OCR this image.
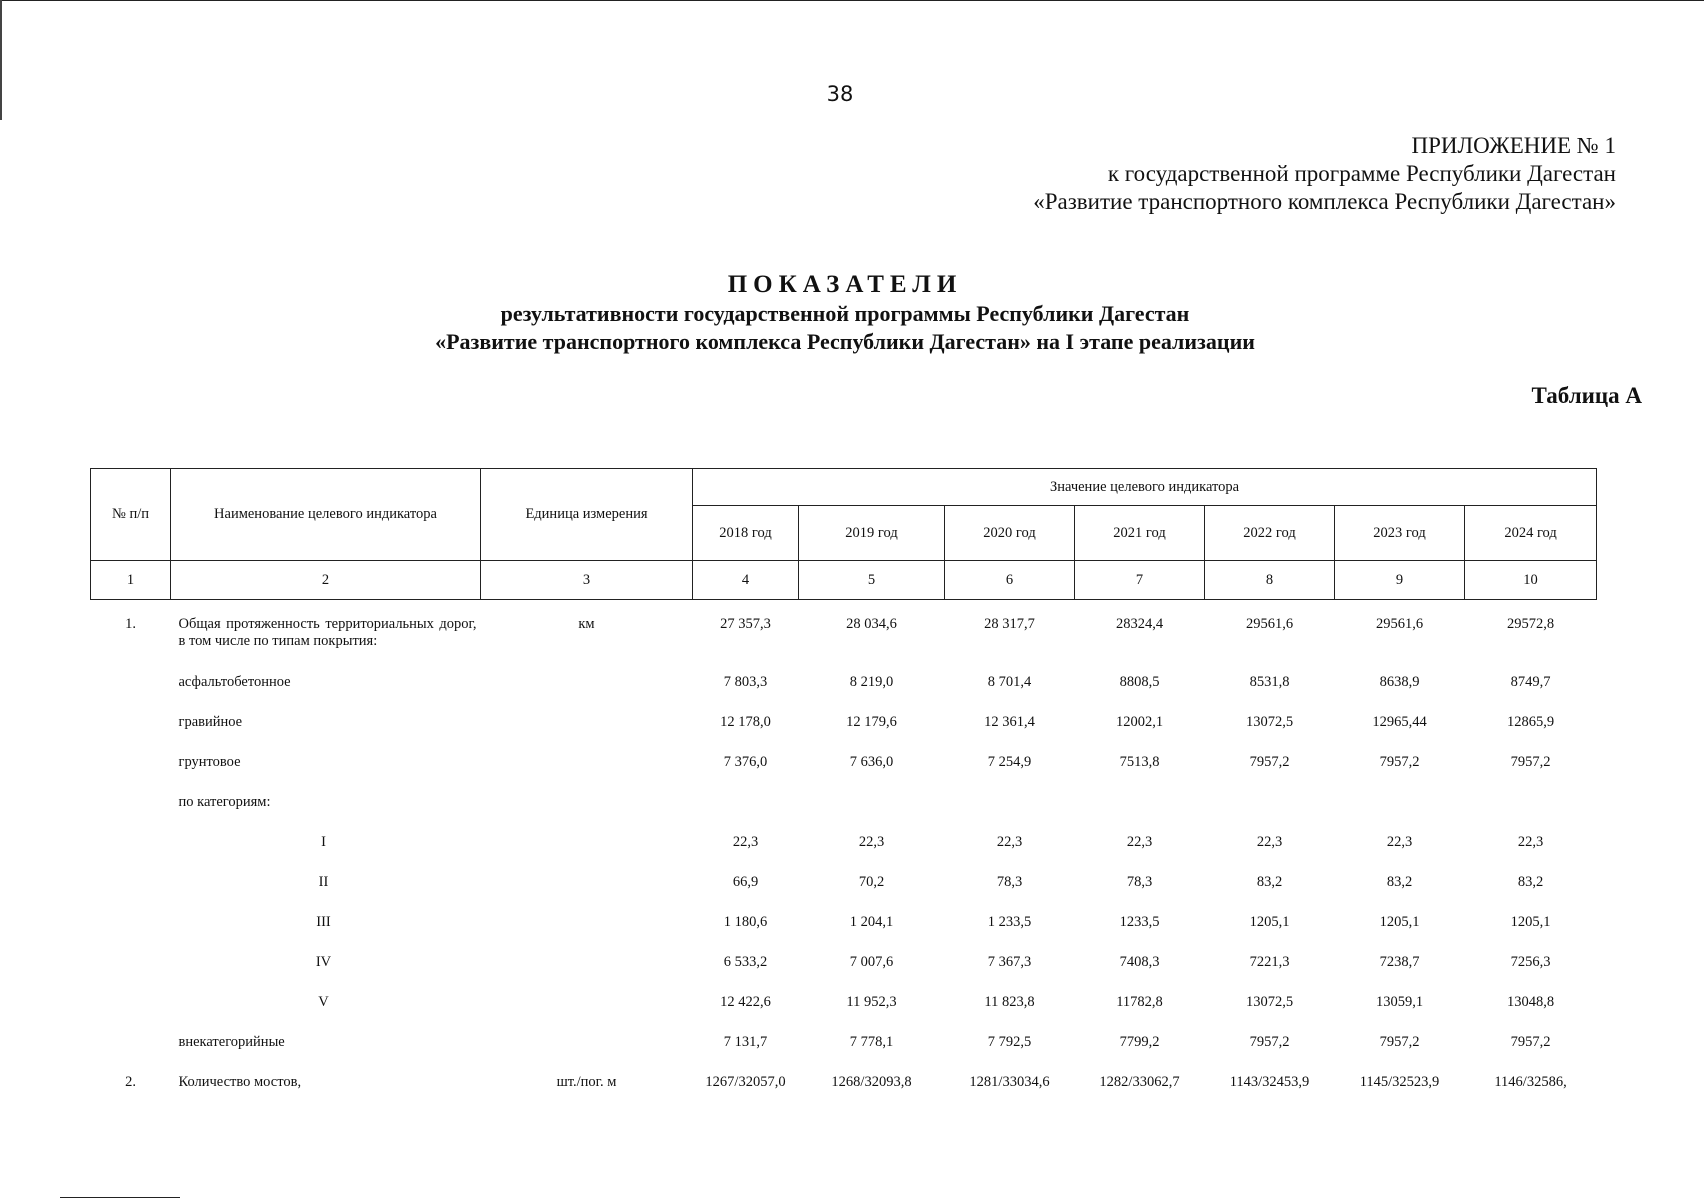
38
ПРИЛОЖЕНИЕ № 1
к государственной программе Республики Дагестан
«Развитие транспортного комплекса Республики Дагестан»
ПОКАЗАТЕЛИ
результативности государственной программы Республики Дагестан
«Развитие транспортного комплекса Республики Дагестан» на I этапе реализации
Таблица А
№ п/п	Наименование целевого индикатора	Единица измерения	Значение целевого индикатора						
			2018 год	2019 год	2020 год	2021 год	2022 год	2023 год	2024 год
1	2	3	4	5	6	7	8	9	10
1.	Общая протяженность территориальных дорог, в том числе по типам покрытия:	км	27 357,3	28 034,6	28 317,7	28324,4	29561,6	29561,6	29572,8
	асфальтобетонное		7 803,3	8 219,0	8 701,4	8808,5	8531,8	8638,9	8749,7
	гравийное		12 178,0	12 179,6	12 361,4	12002,1	13072,5	12965,44	12865,9
	грунтовое		7 376,0	7 636,0	7 254,9	7513,8	7957,2	7957,2	7957,2
	по категориям:								
	I		22,3	22,3	22,3	22,3	22,3	22,3	22,3
	II		66,9	70,2	78,3	78,3	83,2	83,2	83,2
	III		1 180,6	1 204,1	1 233,5	1233,5	1205,1	1205,1	1205,1
	IV		6 533,2	7 007,6	7 367,3	7408,3	7221,3	7238,7	7256,3
	V		12 422,6	11 952,3	11 823,8	11782,8	13072,5	13059,1	13048,8
	внекатегорийные		7 131,7	7 778,1	7 792,5	7799,2	7957,2	7957,2	7957,2
2.	Количество мостов,	шт./пог. м	1267/32057,0	1268/32093,8	1281/33034,6	1282/33062,7	1143/32453,9	1145/32523,9	1146/32586,
